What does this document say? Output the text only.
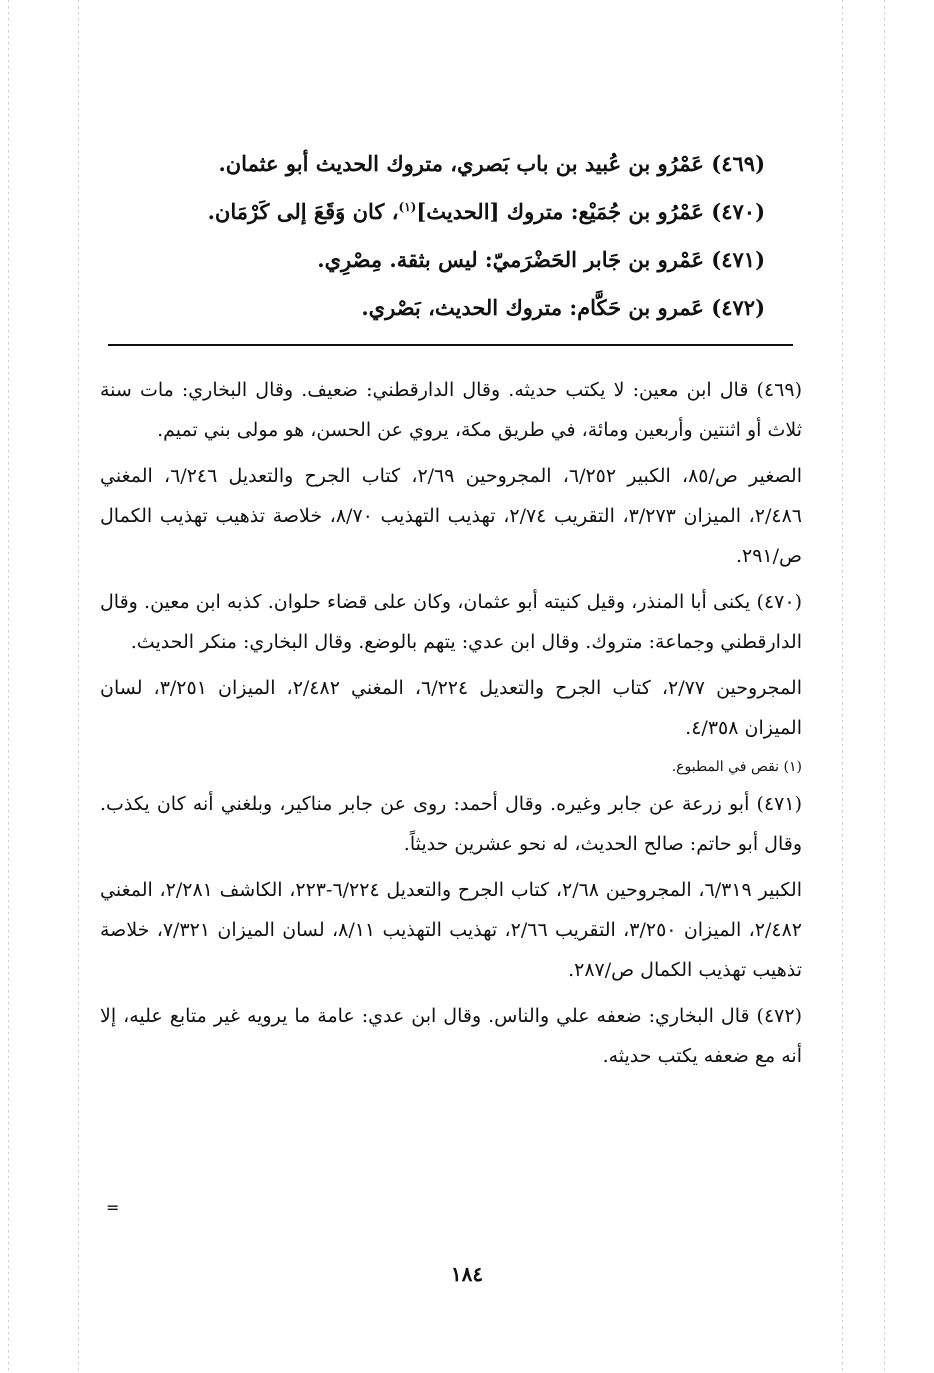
(٤٦٩) عَمْرُو بن عُبيد بن باب بَصري، متروك الحديث أبو عثمان.
(٤٧٠) عَمْرُو بن جُمَيْع: متروك [الحديث]$^{(١)}$، كان وَقَعَ إلى كَرْمَان.
(٤٧١) عَمْرو بن جَابر الحَضْرَميّ: ليس بثقة. مِصْرِي.
(٤٧٢) عَمرو بن حَكَّام: متروك الحديث، بَصْري.

(٤٦٩) قال ابن معين: لا يكتب حديثه. وقال الدارقطني: ضعيف. وقال البخاري: مات سنة ثلاث أو اثنتين وأربعين ومائة، في طريق مكة، يروي عن الحسن، هو مولى بني تميم.

الصغير ص/٨٥، الكبير ٦/٢٥٢، المجروحين ٢/٦٩، كتاب الجرح والتعديل ٦/٢٤٦، المغني ٢/٤٨٦، الميزان ٣/٢٧٣، التقريب ٢/٧٤، تهذيب التهذيب ٨/٧٠، خلاصة تذهيب تهذيب الكمال ص/٢٩١.

(٤٧٠) يكنى أبا المنذر، وقيل كنيته أبو عثمان، وكان على قضاء حلوان. كذبه ابن معين. وقال الدارقطني وجماعة: متروك. وقال ابن عدي: يتهم بالوضع. وقال البخاري: منكر الحديث.

المجروحين ٢/٧٧، كتاب الجرح والتعديل ٦/٢٢٤، المغني ٢/٤٨٢، الميزان ٣/٢٥١، لسان الميزان ٤/٣٥٨.

(١) نقص في المطبوع.

(٤٧١) أبو زرعة عن جابر وغيره. وقال أحمد: روى عن جابر مناكير، وبلغني أنه كان يكذب. وقال أبو حاتم: صالح الحديث، له نحو عشرين حديثاً.

الكبير ٦/٣١٩، المجروحين ٢/٦٨، كتاب الجرح والتعديل ٦/٢٢٤-٢٢٣، الكاشف ٢/٢٨١، المغني ٢/٤٨٢، الميزان ٣/٢٥٠، التقريب ٢/٦٦، تهذيب التهذيب ٨/١١، لسان الميزان ٧/٣٢١، خلاصة تذهيب تهذيب الكمال ص/٢٨٧.

(٤٧٢) قال البخاري: ضعفه علي والناس. وقال ابن عدي: عامة ما يرويه غير متابع عليه، إلا أنه مع ضعفه يكتب حديثه.

=
١٨٤
